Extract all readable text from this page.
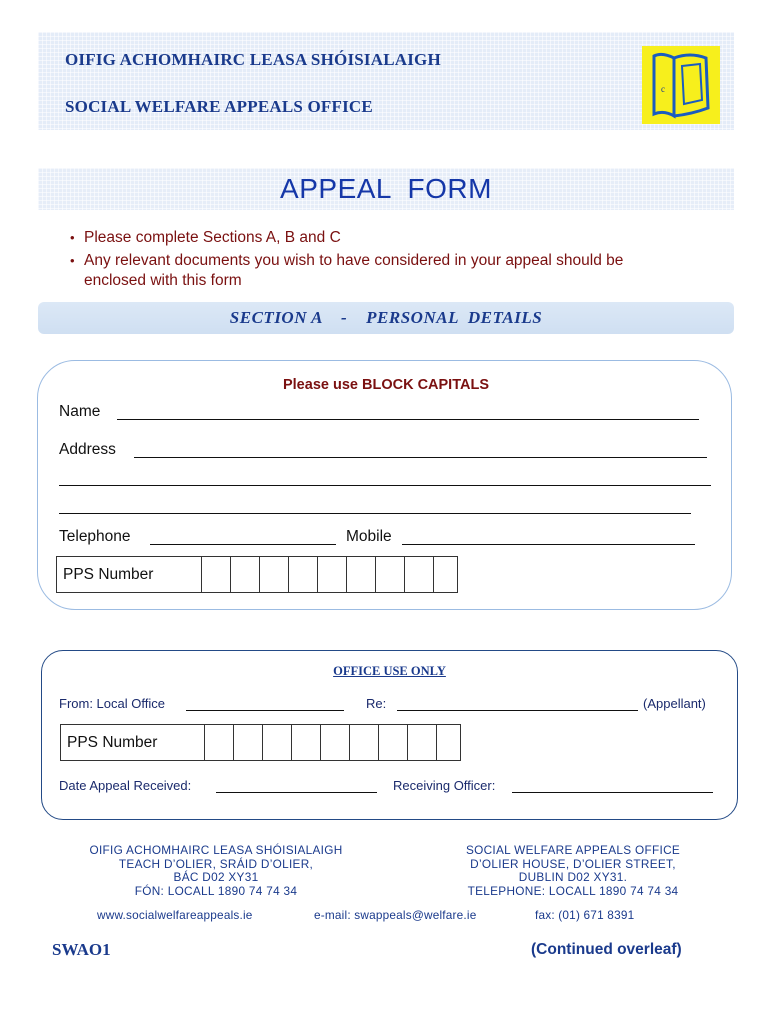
OIFIG ACHOMHAIRC LEASA SHÓISIALAIGH
SOCIAL WELFARE APPEALS OFFICE
c
APPEAL  FORM
• Please complete Sections A, B and C
• Any relevant documents you wish to have considered in your appeal should be
enclosed with this form
SECTION A    -    PERSONAL  DETAILS
Please use BLOCK CAPITALS
Name
Address
Telephone	Mobile
PPS Number
OFFICE USE ONLY
From: Local Office	Re:	(Appellant)
PPS Number
Date Appeal Received:	Receiving Officer:
OIFIG ACHOMHAIRC LEASA SHÓISIALAIGH
TEACH D’OLIER, SRÁID D’OLIER,
BÁC D02 XY31
FÓN: LOCALL 1890 74 74 34
SOCIAL WELFARE APPEALS OFFICE
D’OLIER HOUSE, D’OLIER STREET,
DUBLIN D02 XY31.
TELEPHONE: LOCALL 1890 74 74 34
www.socialwelfareappeals.ie	e-mail: swappeals@welfare.ie	fax: (01) 671 8391
SWAO1	(Continued overleaf)
